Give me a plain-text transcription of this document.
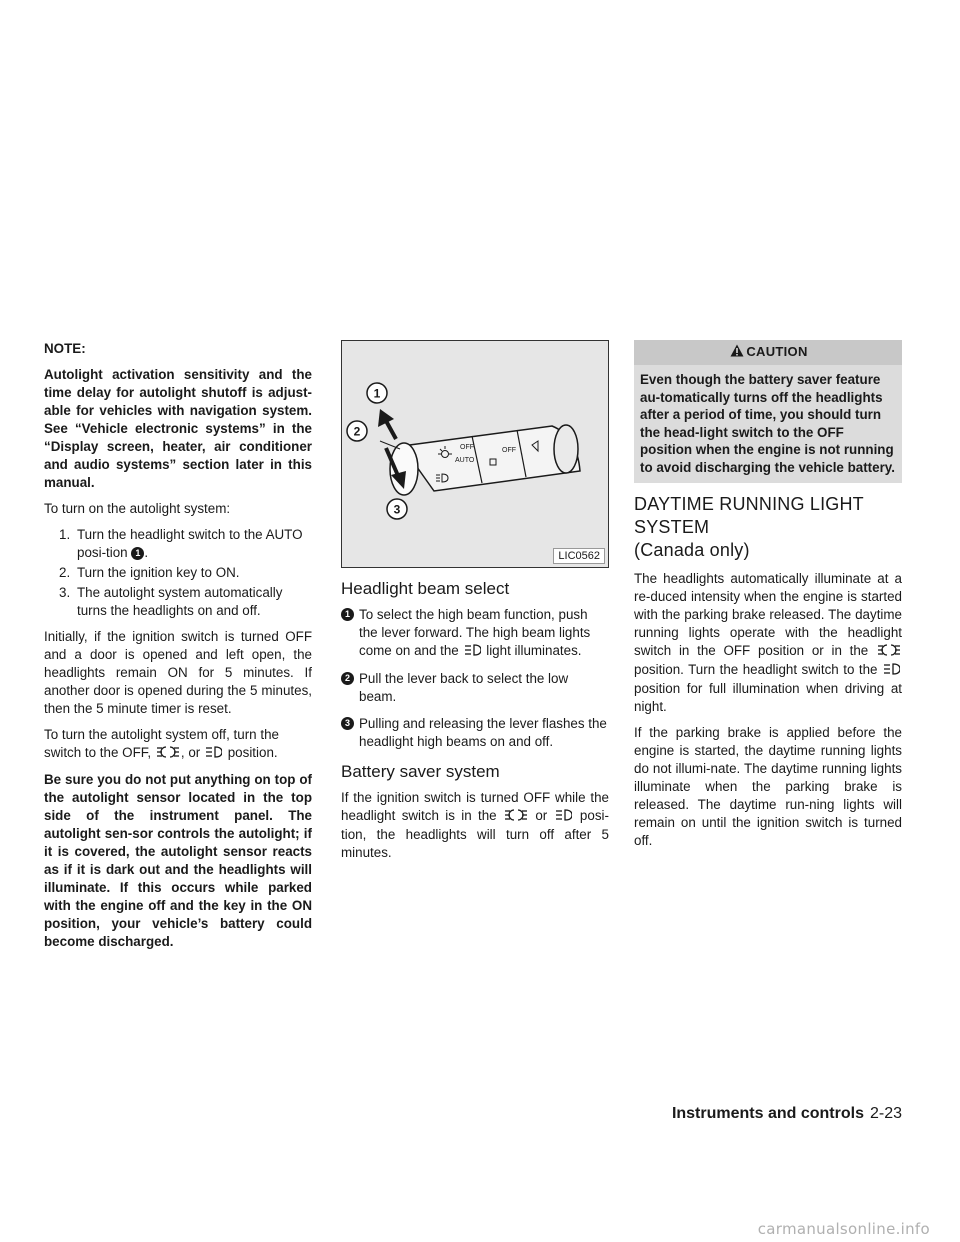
NOTE:

Autolight activation sensitivity and the time delay for autolight shutoff is adjust-able for vehicles with navigation system. See “Vehicle electronic systems” in the “Display screen, heater, air conditioner and audio systems” section later in this manual.

To turn on the autolight system:

1. Turn the headlight switch to the AUTO posi-tion 1 .
2. Turn the ignition key to ON.
3. The autolight system automatically turns the headlights on and off.

Initially, if the ignition switch is turned OFF and a door is opened and left open, the headlights remain ON for 5 minutes. If another door is opened during the 5 minutes, then the 5 minute timer is reset.

To turn the autolight system off, turn the switch to the OFF, , or position.

Be sure you do not put anything on top of the autolight sensor located in the top side of the instrument panel. The autolight sen-sor controls the autolight; if it is covered, the autolight sensor reacts as if it is dark out and the headlights will illuminate. If this occurs while parked with the engine off and the key in the ON position, your vehicle’s battery could become discharged.

OFF
AUTO
OFF
1
2
3
LIC0562
Headlight beam select
1 To select the high beam function, push the lever forward. The high beam lights come on and the light illuminates.
2 Pull the lever back to select the low beam.
3 Pulling and releasing the lever flashes the headlight high beams on and off.
Battery saver system

If the ignition switch is turned OFF while the headlight switch is in the	or posi-tion, the headlights will turn off after 5 minutes.

CAUTION
Even though the battery saver feature au-tomatically turns off the headlights after a period of time, you should turn the head-light switch to the OFF position when the engine is not running to avoid discharging the vehicle battery.
DAYTIME RUNNING LIGHT SYSTEM
(Canada only)

The headlights automatically illuminate at a re-duced intensity when the engine is started with the parking brake released. The daytime running lights operate with the headlight switch in the OFF position or in the  position. Turn the headlight switch to the  position for full illumination when driving at night.

If the parking brake is applied before the engine is started, the daytime running lights do not illumi-nate. The daytime running lights illuminate when the parking brake is released. The daytime run-ning lights will remain on until the ignition switch is turned off.

Instruments and controls 2-23
carmanualsonline.info
